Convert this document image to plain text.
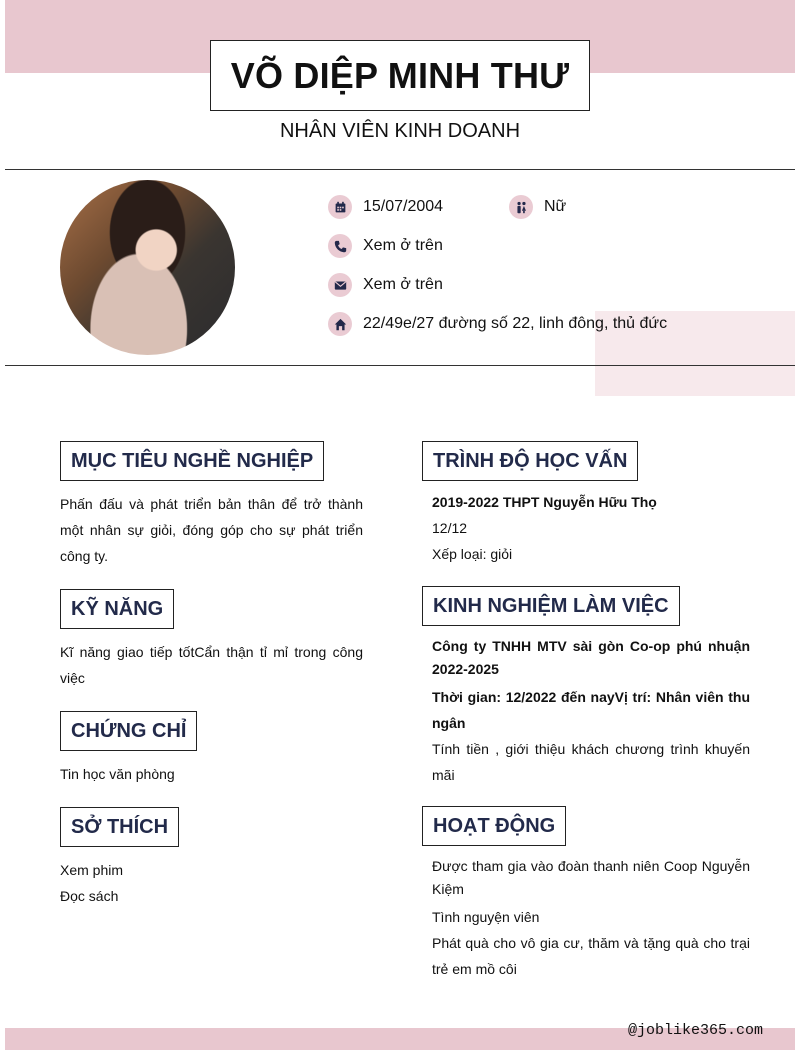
VÕ DIỆP MINH THƯ
NHÂN VIÊN KINH DOANH
15/07/2004	Nữ
Xem ở trên
Xem ở trên
22/49e/27 đường số 22, linh đông, thủ đức
MỤC TIÊU NGHỀ NGHIỆP
Phấn đấu và phát triển bản thân để trở thành một nhân sự giỏi, đóng góp cho sự phát triển công ty.
KỸ NĂNG
Kĩ năng giao tiếp tốtCẩn thận tỉ mỉ trong công việc
CHỨNG CHỈ
Tin học văn phòng
SỞ THÍCH
Xem phim
Đọc sách
TRÌNH ĐỘ HỌC VẤN
2019-2022 THPT Nguyễn Hữu Thọ
12/12
Xếp loại: giỏi
KINH NGHIỆM LÀM VIỆC
Công ty TNHH MTV sài gòn Co-op phú nhuận 2022-2025
Thời gian: 12/2022 đến nayVị trí: Nhân viên thu ngân
Tính tiền , giới thiệu khách chương trình khuyến mãi
HOẠT ĐỘNG
Được tham gia vào đoàn thanh niên Coop Nguyễn Kiệm
Tình nguyện viên
Phát quà cho vô gia cư, thăm và tặng quà cho trại trẻ em mồ côi
@joblike365.com
